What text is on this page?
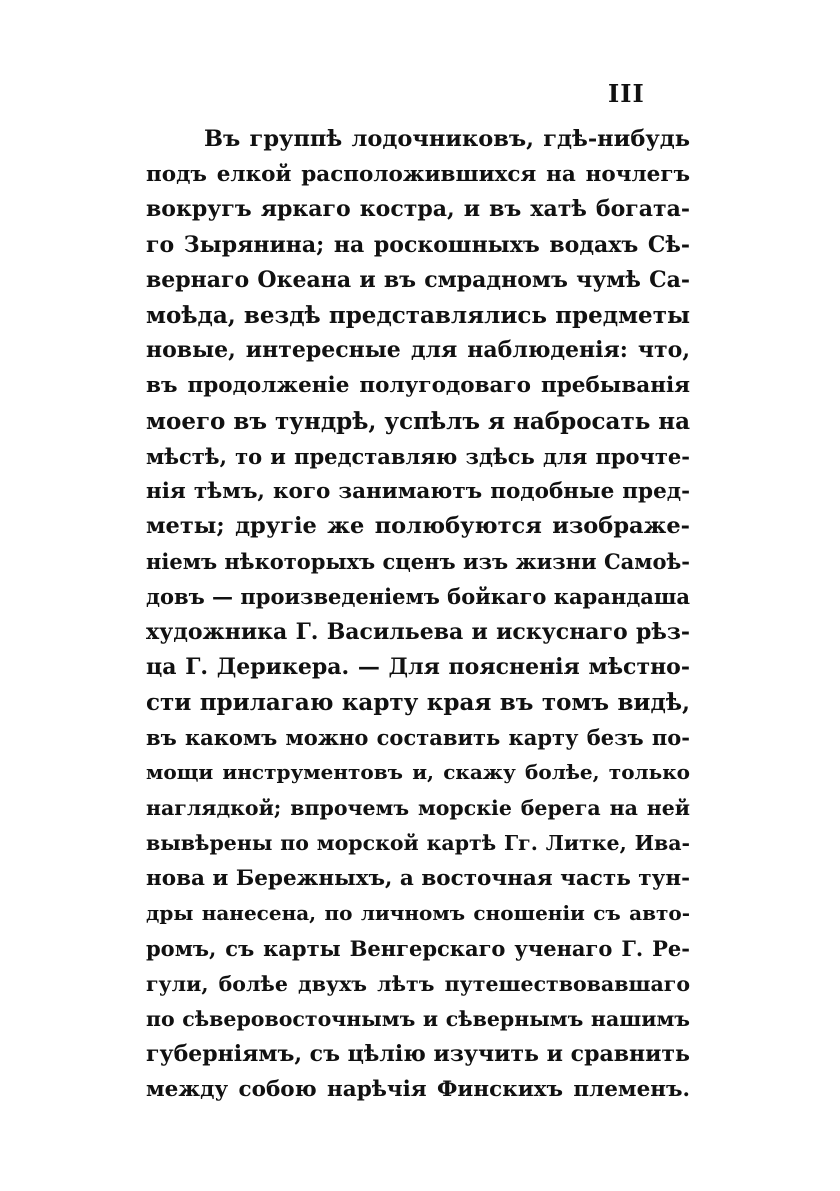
III
Въ группѣ лодочниковъ, гдѣ-нибудь
подъ елкой расположившихся на ночлегъ
вокругъ яркаго костра, и въ хатѣ богата-
го Зырянина; на роскошныхъ водахъ Сѣ-
вернаго Океана и въ смрадномъ чумѣ Са-
моѣда, вездѣ представлялись предметы
новые, интересные для наблюденія: что,
въ продолженіе полугодоваго пребыванія
моего въ тундрѣ, успѣлъ я набросать на
мѣстѣ, то и представляю здѣсь для прочте-
нія тѣмъ, кого занимаютъ подобные пред-
меты; другіе же полюбуются изображе-
ніемъ нѣкоторыхъ сценъ изъ жизни Самоѣ-
довъ — произведеніемъ бойкаго карандаша
художника Г. Васильева и искуснаго рѣз-
ца Г. Дерикера. — Для поясненія мѣстно-
сти прилагаю карту края въ томъ видѣ,
въ какомъ можно составить карту безъ по-
мощи инструментовъ и, скажу болѣе, только
наглядкой; впрочемъ морскіе берега на ней
вывѣрены по морской картѣ Гг. Литке, Ива-
нова и Бережныхъ, а восточная часть тун-
дры нанесена, по личномъ сношеніи съ авто-
ромъ, съ карты Венгерскаго ученаго Г. Ре-
гули, болѣе двухъ лѣтъ путешествовавшаго
по сѣверовосточнымъ и сѣвернымъ нашимъ
губерніямъ, съ цѣлію изучить и сравнить
между собою нарѣчія Финскихъ племенъ.
